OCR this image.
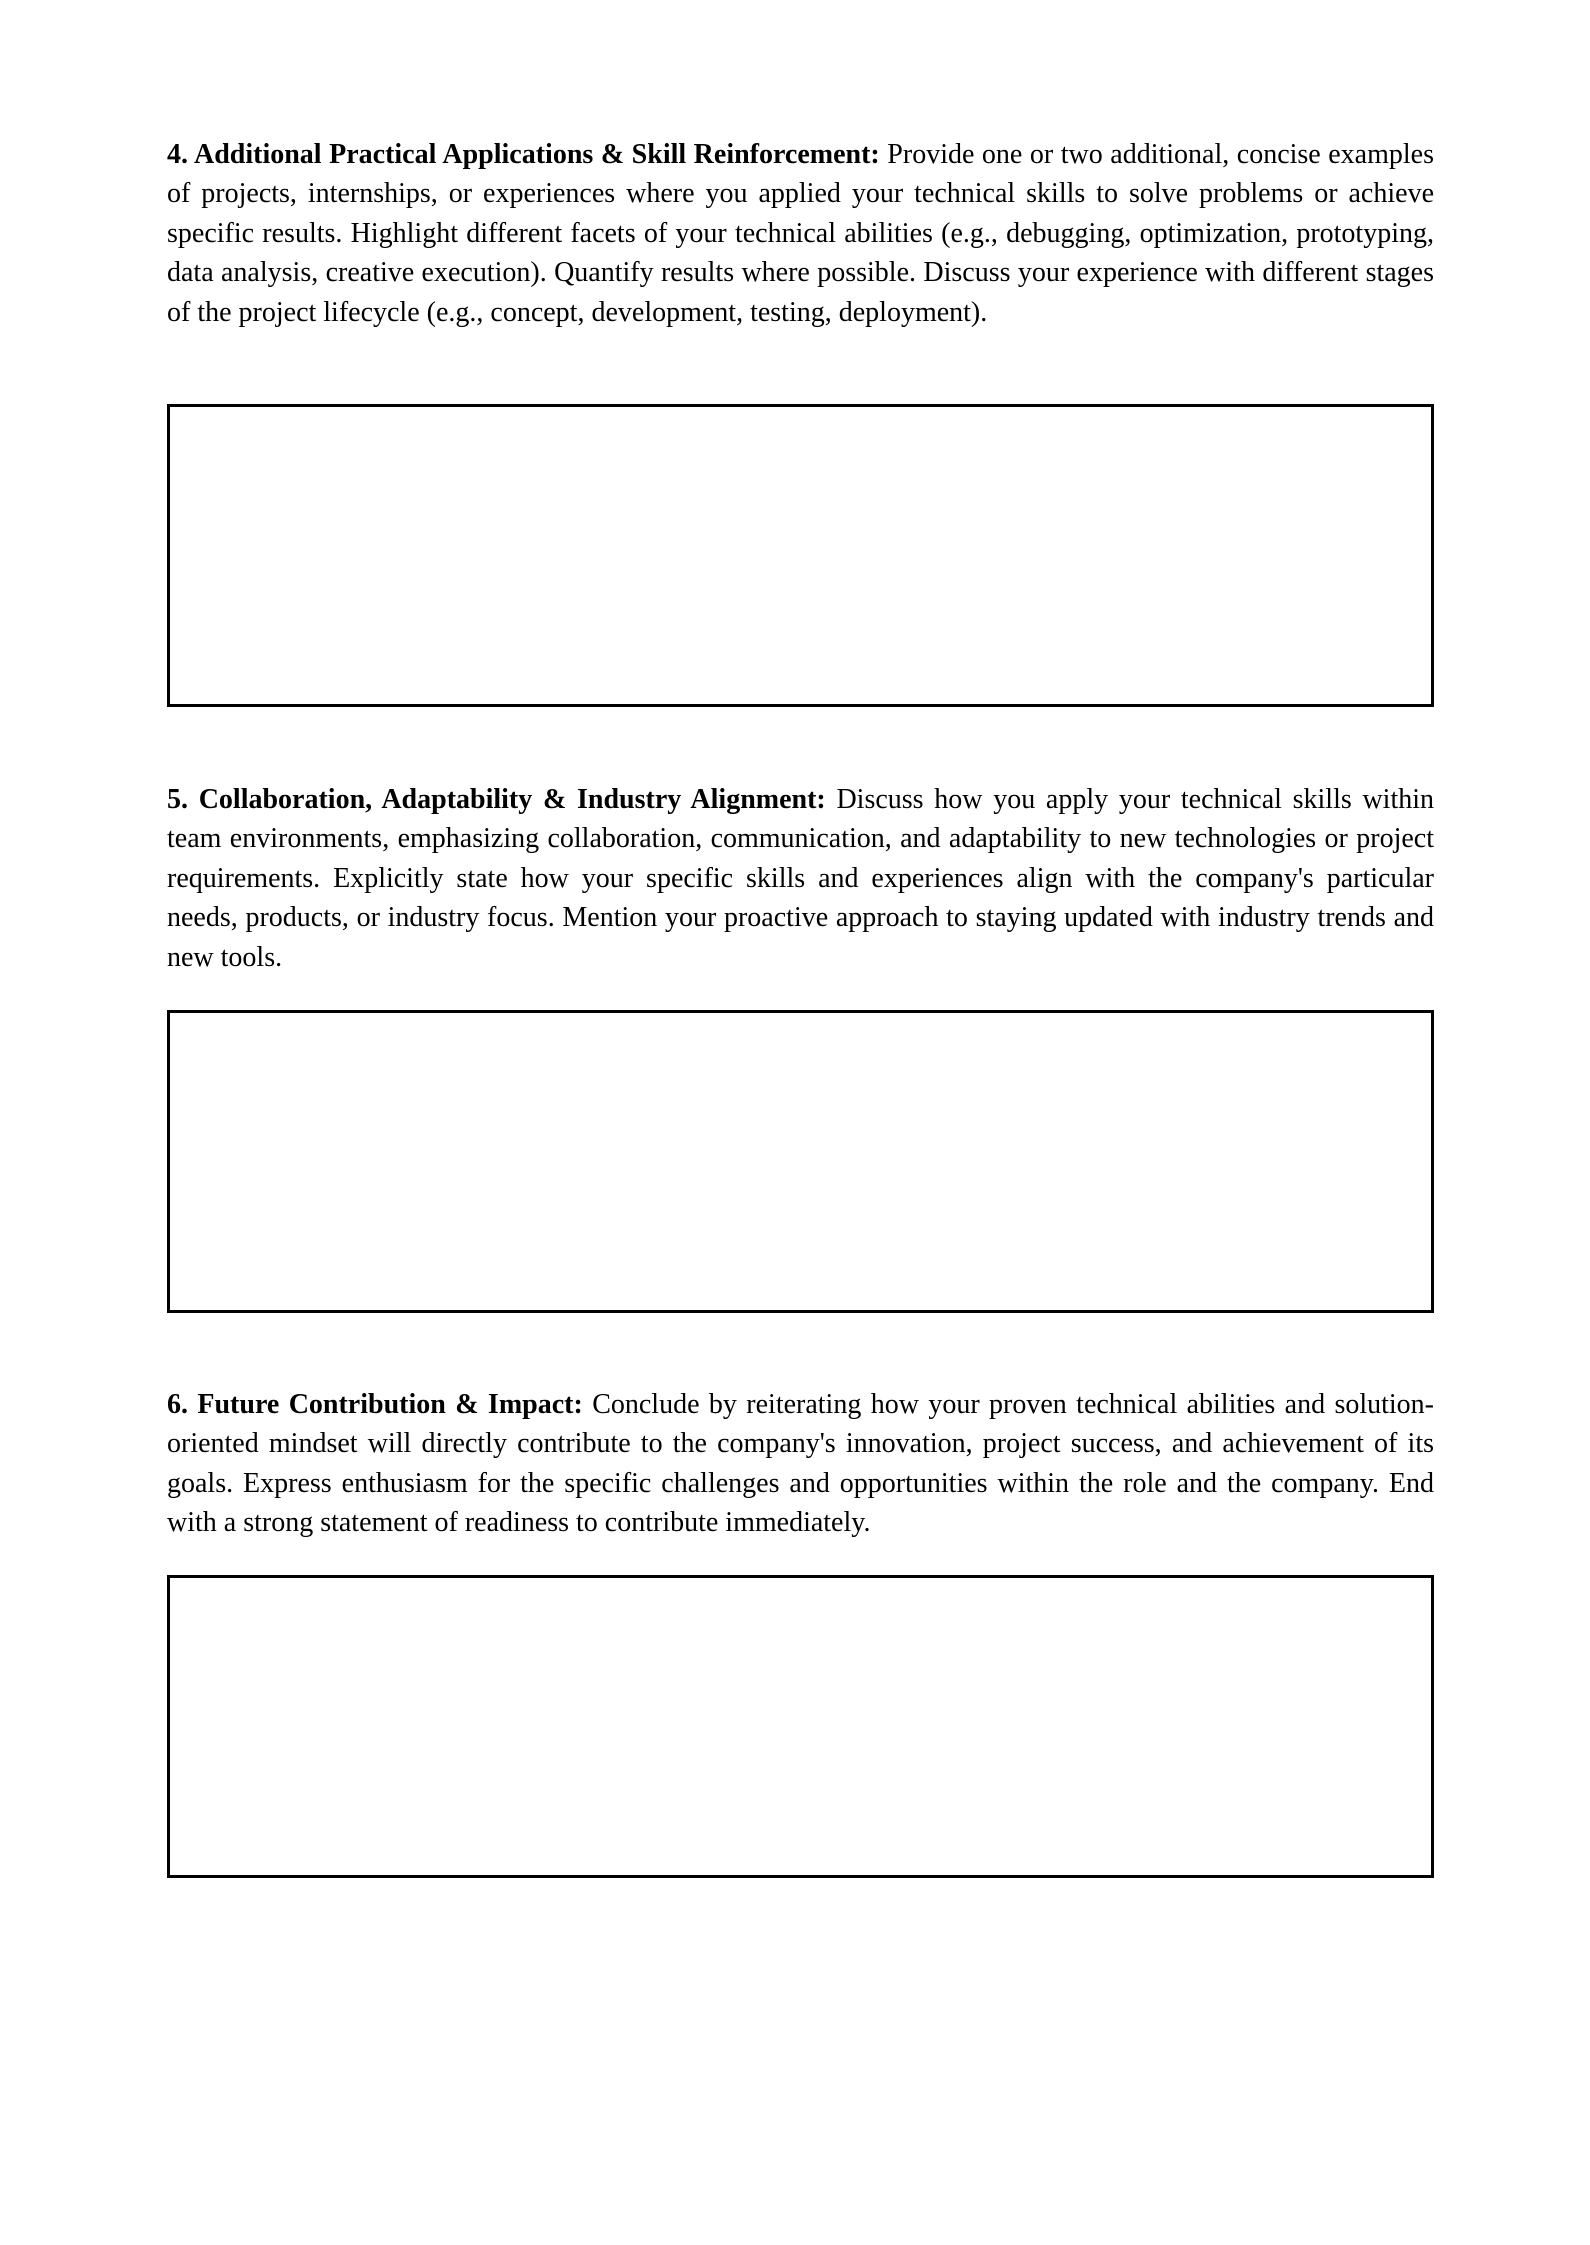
4. Additional Practical Applications & Skill Reinforcement: Provide one or two additional, concise examples of projects, internships, or experiences where you applied your technical skills to solve problems or achieve specific results. Highlight different facets of your technical abilities (e.g., debugging, optimization, prototyping, data analysis, creative execution). Quantify results where possible. Discuss your experience with different stages of the project lifecycle (e.g., concept, development, testing, deployment).

5. Collaboration, Adaptability & Industry Alignment: Discuss how you apply your technical skills within team environments, emphasizing collaboration, communication, and adaptability to new technologies or project requirements. Explicitly state how your specific skills and experiences align with the company's particular needs, products, or industry focus. Mention your proactive approach to staying updated with industry trends and new tools.

6. Future Contribution & Impact: Conclude by reiterating how your proven technical abilities and solution-oriented mindset will directly contribute to the company's innovation, project success, and achievement of its goals. Express enthusiasm for the specific challenges and opportunities within the role and the company. End with a strong statement of readiness to contribute immediately.
